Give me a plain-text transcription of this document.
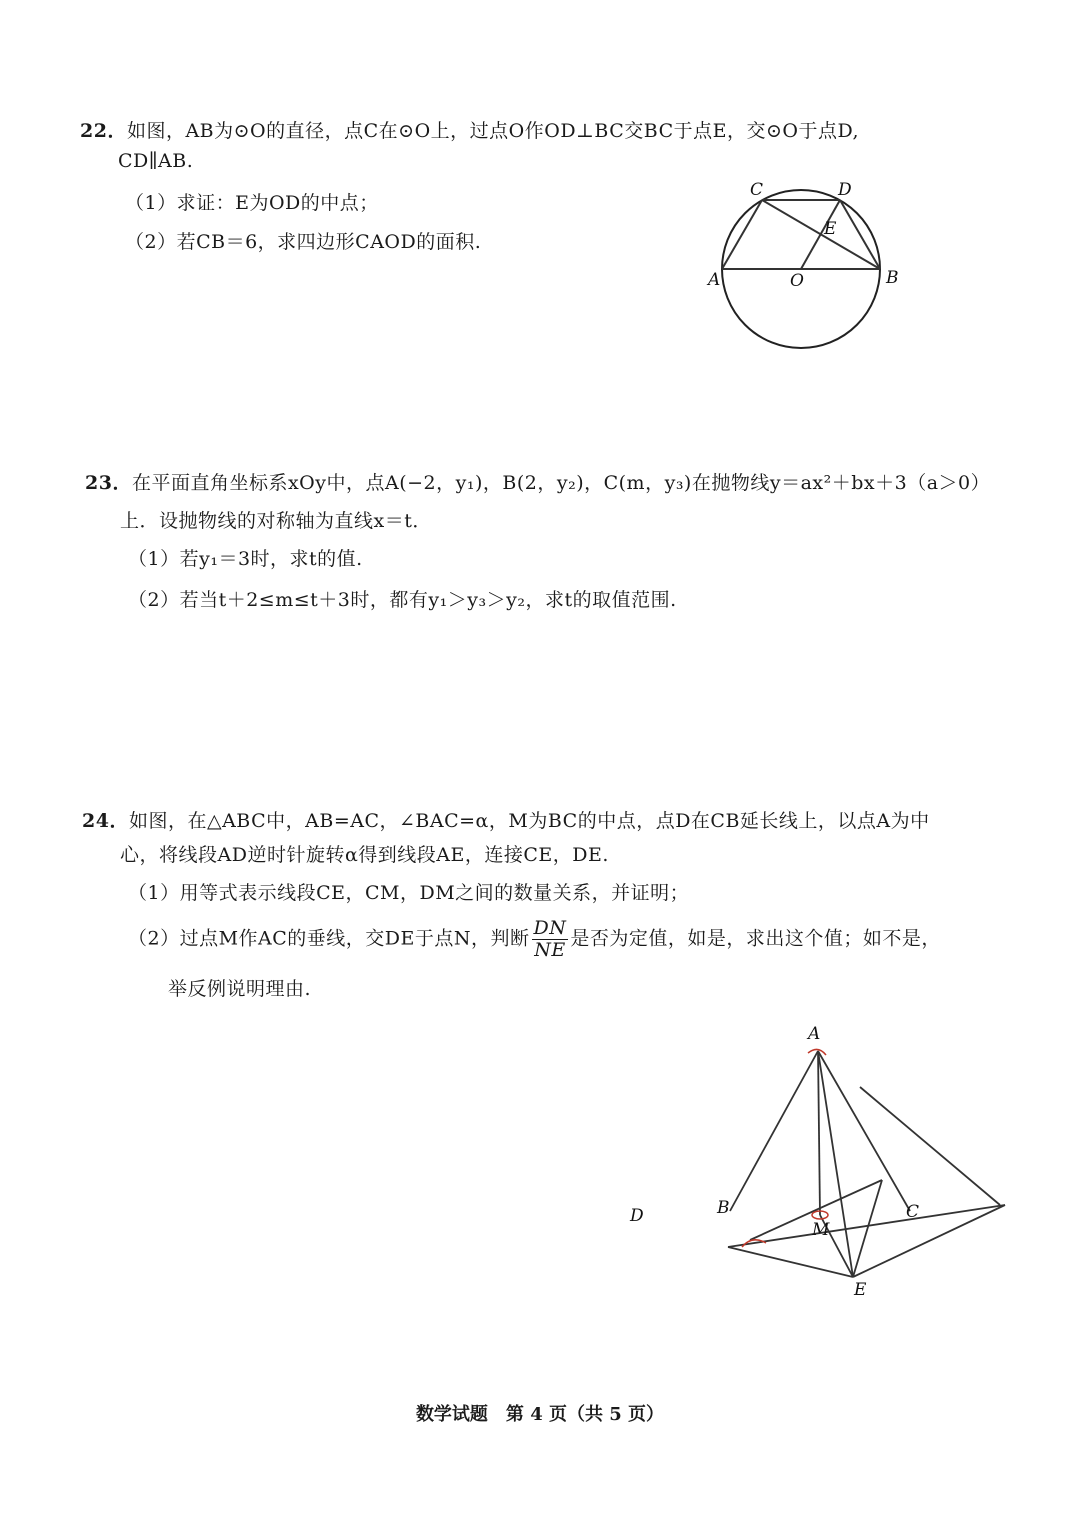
22．如图，AB为⊙O的直径，点C在⊙O上，过点O作OD⊥BC交BC于点E，交⊙O于点D,
CD∥AB.
（1）求证：E为OD的中点；
（2）若CB＝6，求四边形CAOD的面积.
C	D
E
A	O	B
23．在平面直角坐标系xOy中，点A(−2，y₁)，B(2，y₂)，C(m，y₃)在抛物线y＝ax²＋bx＋3（a＞0）
上．设抛物线的对称轴为直线x＝t．
（1）若y₁＝3时，求t的值.
（2）若当t＋2≤m≤t＋3时，都有y₁＞y₃＞y₂，求t的取值范围.
24．如图，在△ABC中，AB=AC，∠BAC=α，M为BC的中点，点D在CB延长线上，以点A为中
心，将线段AD逆时针旋转α得到线段AE，连接CE，DE.
（1）用等式表示线段CE，CM，DM之间的数量关系，并证明；
（2）过点M作AC的垂线，交DE于点N，判断 $\frac{DN}{NE}$ 是否为定值，如是，求出这个值；如不是，
举反例说明理由.
A
B	C
D
M
E
数学试题　第 4 页（共 5 页）
